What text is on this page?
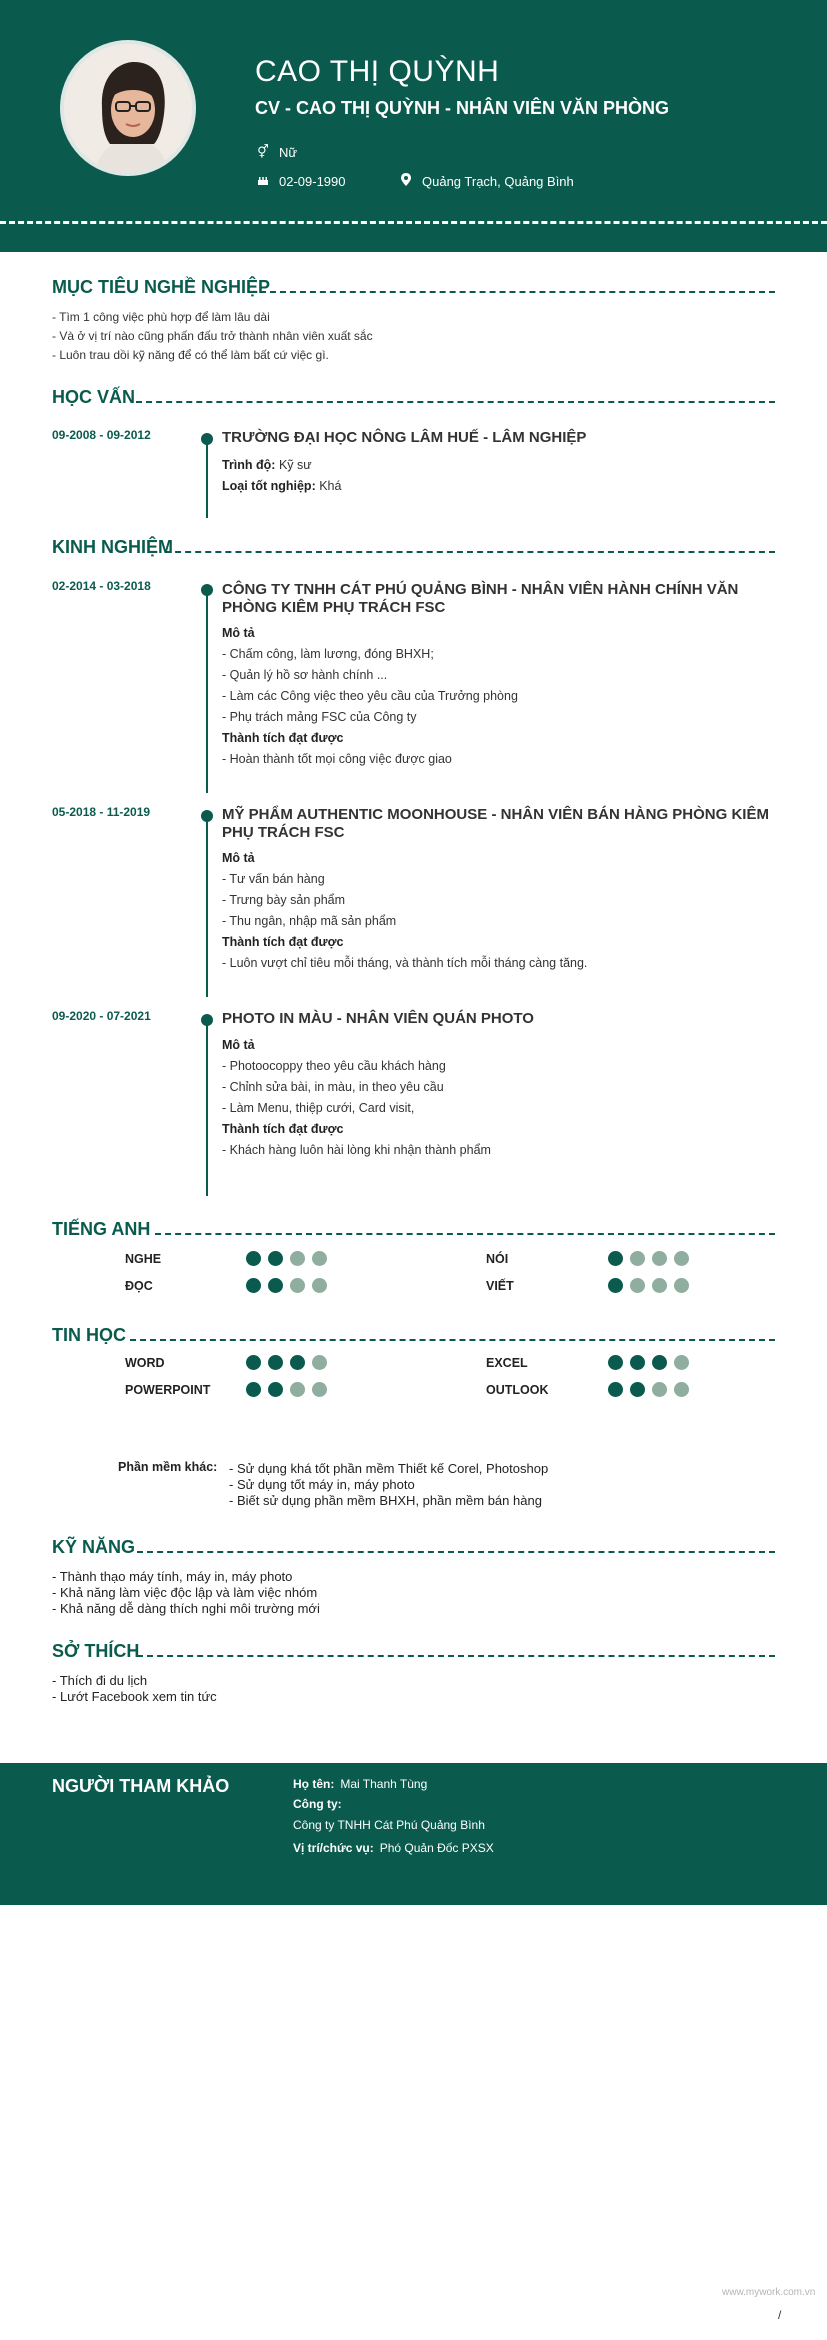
CAO THỊ QUỲNH
CV - CAO THỊ QUỲNH - NHÂN VIÊN VĂN PHÒNG
⚥ Nữ
02-09-1990	Quảng Trạch, Quảng Bình
MỤC TIÊU NGHỀ NGHIỆP
- Tìm 1 công việc phù hợp để làm lâu dài
- Và ở vị trí nào cũng phấn đấu trở thành nhân viên xuất sắc
- Luôn trau dồi kỹ năng để có thể làm bất cứ việc gì.
HỌC VẤN
09-2008 - 09-2012	TRƯỜNG ĐẠI HỌC NÔNG LÂM HUẾ - LÂM NGHIỆP
Trình độ: Kỹ sư
Loại tốt nghiệp: Khá
KINH NGHIỆM
02-2014 - 03-2018	CÔNG TY TNHH CÁT PHÚ QUẢNG BÌNH - NHÂN VIÊN HÀNH CHÍNH VĂN PHÒNG KIÊM PHỤ TRÁCH FSC
Mô tả
- Chấm công, làm lương, đóng BHXH;
- Quản lý hồ sơ hành chính ...
- Làm các Công việc theo yêu cầu của Trưởng phòng
- Phụ trách mảng FSC của Công ty
Thành tích đạt được
- Hoàn thành tốt mọi công việc được giao
05-2018 - 11-2019	MỸ PHẨM AUTHENTIC MOONHOUSE - NHÂN VIÊN BÁN HÀNG PHÒNG KIÊM PHỤ TRÁCH FSC
Mô tả
- Tư vấn bán hàng
- Trưng bày sản phẩm
- Thu ngân, nhập mã sản phẩm
Thành tích đạt được
- Luôn vượt chỉ tiêu mỗi tháng, và thành tích mỗi tháng càng tăng.
09-2020 - 07-2021	PHOTO IN MÀU - NHÂN VIÊN QUÁN PHOTO
Mô tả
- Photoocoppy theo yêu cầu khách hàng
- Chỉnh sửa bài, in màu, in theo yêu cầu
- Làm Menu, thiệp cưới, Card visit,
Thành tích đạt được
- Khách hàng luôn hài lòng khi nhận thành phẩm
TIẾNG ANH
NGHE	NÓI
ĐỌC	VIẾT
TIN HỌC
WORD	EXCEL
POWERPOINT	OUTLOOK
Phần mềm khác: - Sử dụng khá tốt phần mềm Thiết kế Corel, Photoshop
- Sử dụng tốt máy in, máy photo
- Biết sử dụng phần mềm BHXH, phần mềm bán hàng
KỸ NĂNG
- Thành thạo máy tính, máy in, máy photo
- Khả năng làm việc độc lập và làm việc nhóm
- Khả năng dễ dàng thích nghi môi trường mới
SỞ THÍCH
- Thích đi du lịch
- Lướt Facebook xem tin tức
NGƯỜI THAM KHẢO	Họ tên: Mai Thanh Tùng
Công ty:
Công ty TNHH Cát Phú Quảng Bình
Vị trí/chức vụ: Phó Quản Đốc PXSX
www.mywork.com.vn
/
